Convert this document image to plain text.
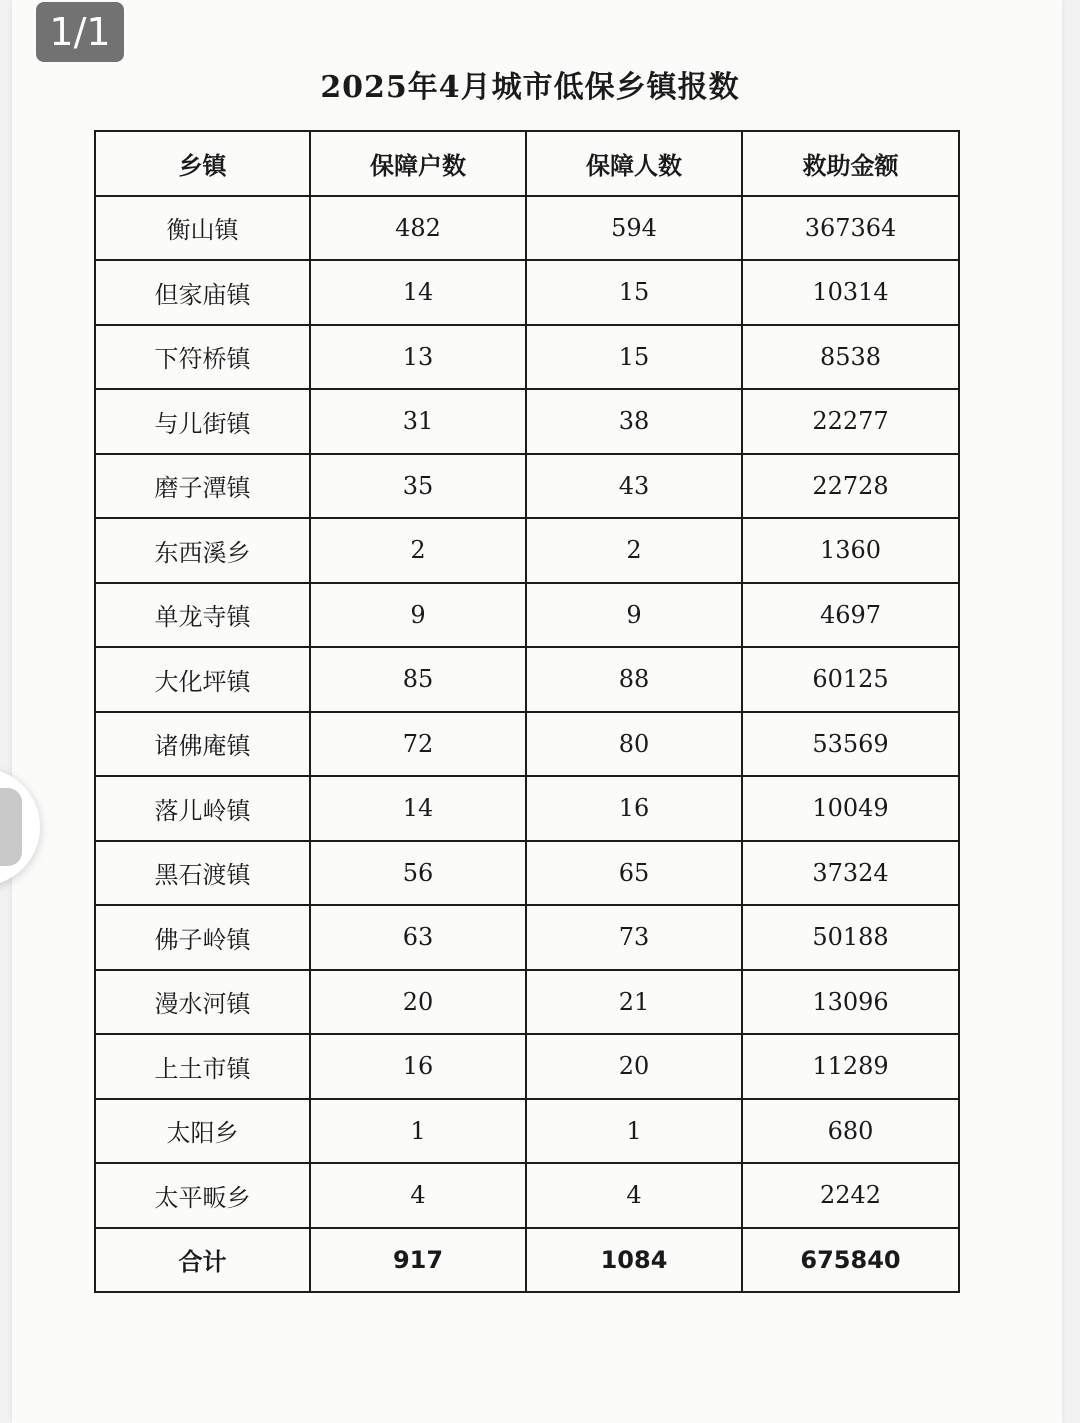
2025年4月城市低保乡镇报数
乡镇	保障户数	保障人数	救助金额
衡山镇	482	594	367364
但家庙镇	14	15	10314
下符桥镇	13	15	8538
与儿街镇	31	38	22277
磨子潭镇	35	43	22728
东西溪乡	2	2	1360
单龙寺镇	9	9	4697
大化坪镇	85	88	60125
诸佛庵镇	72	80	53569
落儿岭镇	14	16	10049
黑石渡镇	56	65	37324
佛子岭镇	63	73	50188
漫水河镇	20	21	13096
上土市镇	16	20	11289
太阳乡	1	1	680
太平畈乡	4	4	2242
合计	917	1084	675840
1/1
